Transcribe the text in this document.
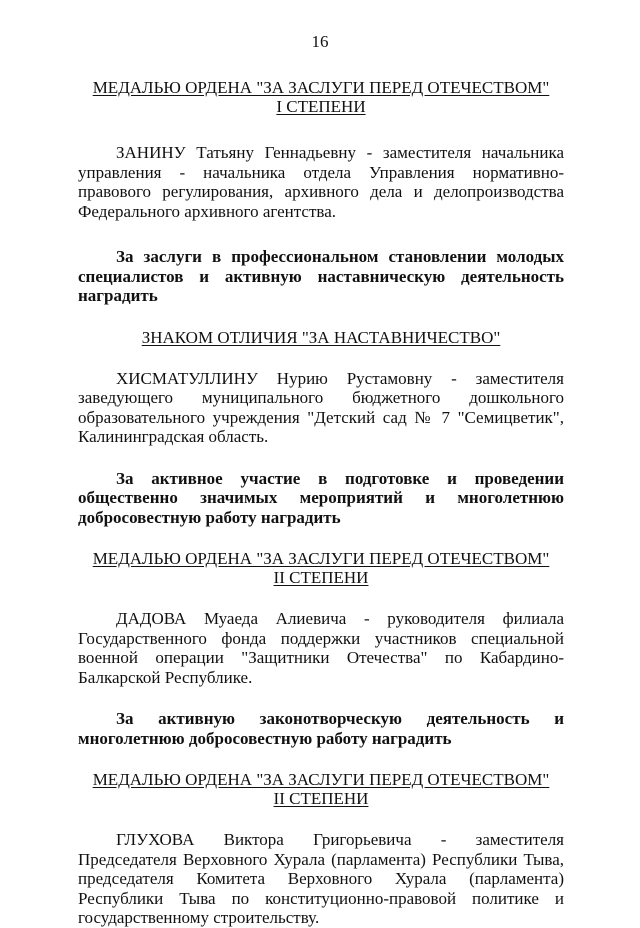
16
МЕДАЛЬЮ ОРДЕНА "ЗА ЗАСЛУГИ ПЕРЕД ОТЕЧЕСТВОМ"
I СТЕПЕНИ

ЗАНИНУ Татьяну Геннадьевну - заместителя начальника управления - начальника отдела Управления нормативно-правового регулирования, архивного дела и делопроизводства Федерального архивного агентства.

За заслуги в профессиональном становлении молодых специалистов и активную наставническую деятельность наградить

ЗНАКОМ ОТЛИЧИЯ "ЗА НАСТАВНИЧЕСТВО"

ХИСМАТУЛЛИНУ Нурию Рустамовну - заместителя заведующего муниципального бюджетного дошкольного образовательного учреждения "Детский сад № 7 "Семицветик", Калининградская область.

За активное участие в подготовке и проведении общественно значимых мероприятий и многолетнюю добросовестную работу наградить

МЕДАЛЬЮ ОРДЕНА "ЗА ЗАСЛУГИ ПЕРЕД ОТЕЧЕСТВОМ"
II СТЕПЕНИ

ДАДОВА Муаеда Алиевича - руководителя филиала Государственного фонда поддержки участников специальной военной операции "Защитники Отечества" по Кабардино-Балкарской Республике.

За активную законотворческую деятельность и многолетнюю добросовестную работу наградить

МЕДАЛЬЮ ОРДЕНА "ЗА ЗАСЛУГИ ПЕРЕД ОТЕЧЕСТВОМ"
II СТЕПЕНИ

ГЛУХОВА Виктора Григорьевича - заместителя Председателя Верховного Хурала (парламента) Республики Тыва, председателя Комитета Верховного Хурала (парламента) Республики Тыва по конституционно-правовой политике и государственному строительству.
